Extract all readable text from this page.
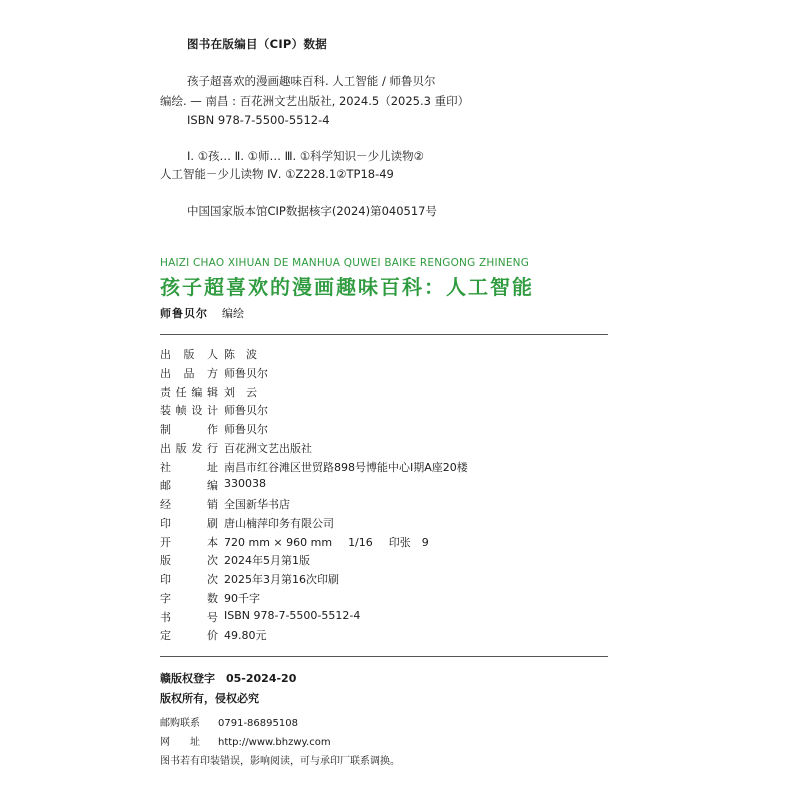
图书在版编目（CIP）数据
孩子超喜欢的漫画趣味百科. 人工智能 / 师鲁贝尔
编绘. — 南昌 : 百花洲文艺出版社, 2024.5（2025.3 重印）
ISBN 978-7-5500-5512-4
Ⅰ. ①孩… Ⅱ. ①师… Ⅲ. ①科学知识－少儿读物②
人工智能－少儿读物 Ⅳ. ①Z228.1②TP18-49
中国国家版本馆CIP数据核字(2024)第040517号
HAIZI CHAO XIHUAN DE MANHUA QUWEI BAIKE RENGONG ZHINENG
孩子超喜欢的漫画趣味百科：人工智能
师鲁贝尔 编绘
出 版 人 陈　波
出 品 方 师鲁贝尔
责 任 编 辑 刘　云
装 帧 设 计 师鲁贝尔
制	作 师鲁贝尔
出 版 发 行 百花洲文艺出版社
社	址 南昌市红谷滩区世贸路898号博能中心Ⅰ期A座20楼
邮	编 330038
经	销 全国新华书店
印	刷 唐山楠萍印务有限公司
开	本 720 mm × 960 mm 1/16 印张　9
版	次 2024年5月第1版
印	次 2025年3月第16次印刷
字	数 90千字
书	号 ISBN 978-7-5500-5512-4
定	价 49.80元
赣版权登字　05-2024-20
版权所有，侵权必究
邮购联系 0791-86895108
网　　址 http://www.bhzwy.com
图书若有印装错误，影响阅读，可与承印厂联系调换。
